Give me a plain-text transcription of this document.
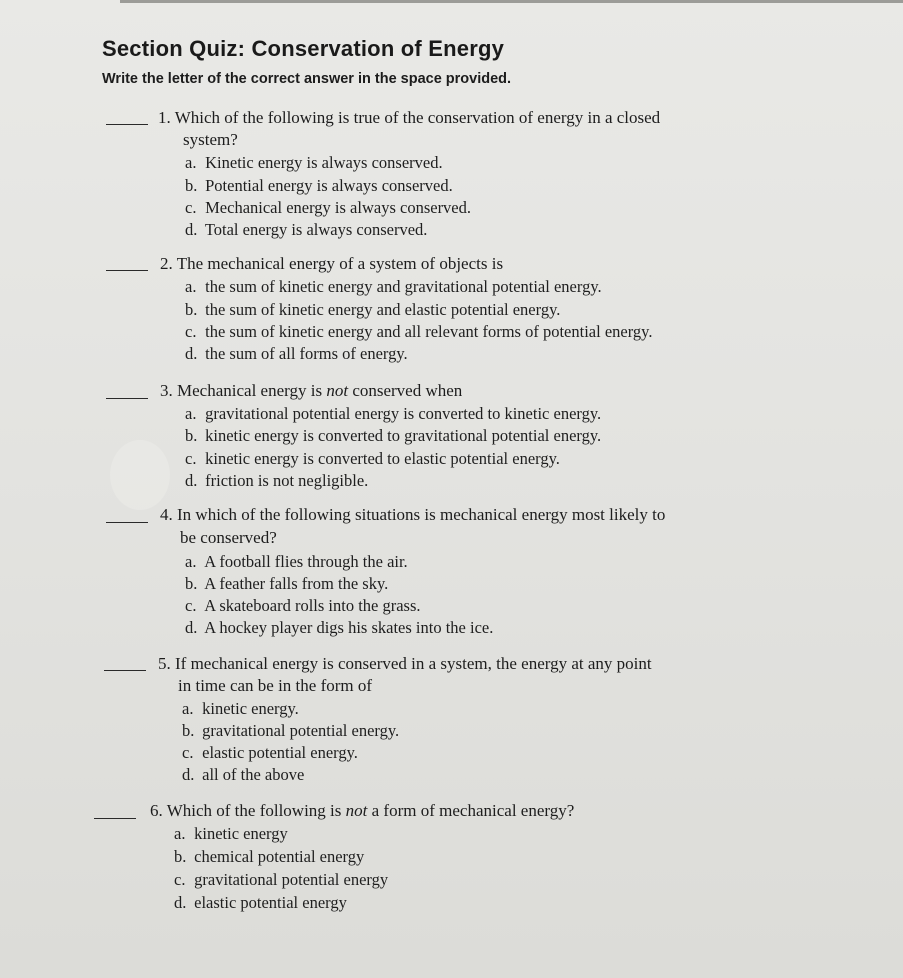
Section Quiz: Conservation of Energy

Write the letter of the correct answer in the space provided.

1. Which of the following is true of the conservation of energy in a closed

system?

a. Kinetic energy is always conserved.

b. Potential energy is always conserved.

c. Mechanical energy is always conserved.

d. Total energy is always conserved.

2. The mechanical energy of a system of objects is

a. the sum of kinetic energy and gravitational potential energy.

b. the sum of kinetic energy and elastic potential energy.

c. the sum of kinetic energy and all relevant forms of potential energy.

d. the sum of all forms of energy.

3. Mechanical energy is not conserved when

a. gravitational potential energy is converted to kinetic energy.

b. kinetic energy is converted to gravitational potential energy.

c. kinetic energy is converted to elastic potential energy.

d. friction is not negligible.

4. In which of the following situations is mechanical energy most likely to

be conserved?

a. A football flies through the air.

b. A feather falls from the sky.

c. A skateboard rolls into the grass.

d. A hockey player digs his skates into the ice.

5. If mechanical energy is conserved in a system, the energy at any point

in time can be in the form of

a. kinetic energy.

b. gravitational potential energy.

c. elastic potential energy.

d. all of the above

6. Which of the following is not a form of mechanical energy?

a. kinetic energy

b. chemical potential energy

c. gravitational potential energy

d. elastic potential energy
